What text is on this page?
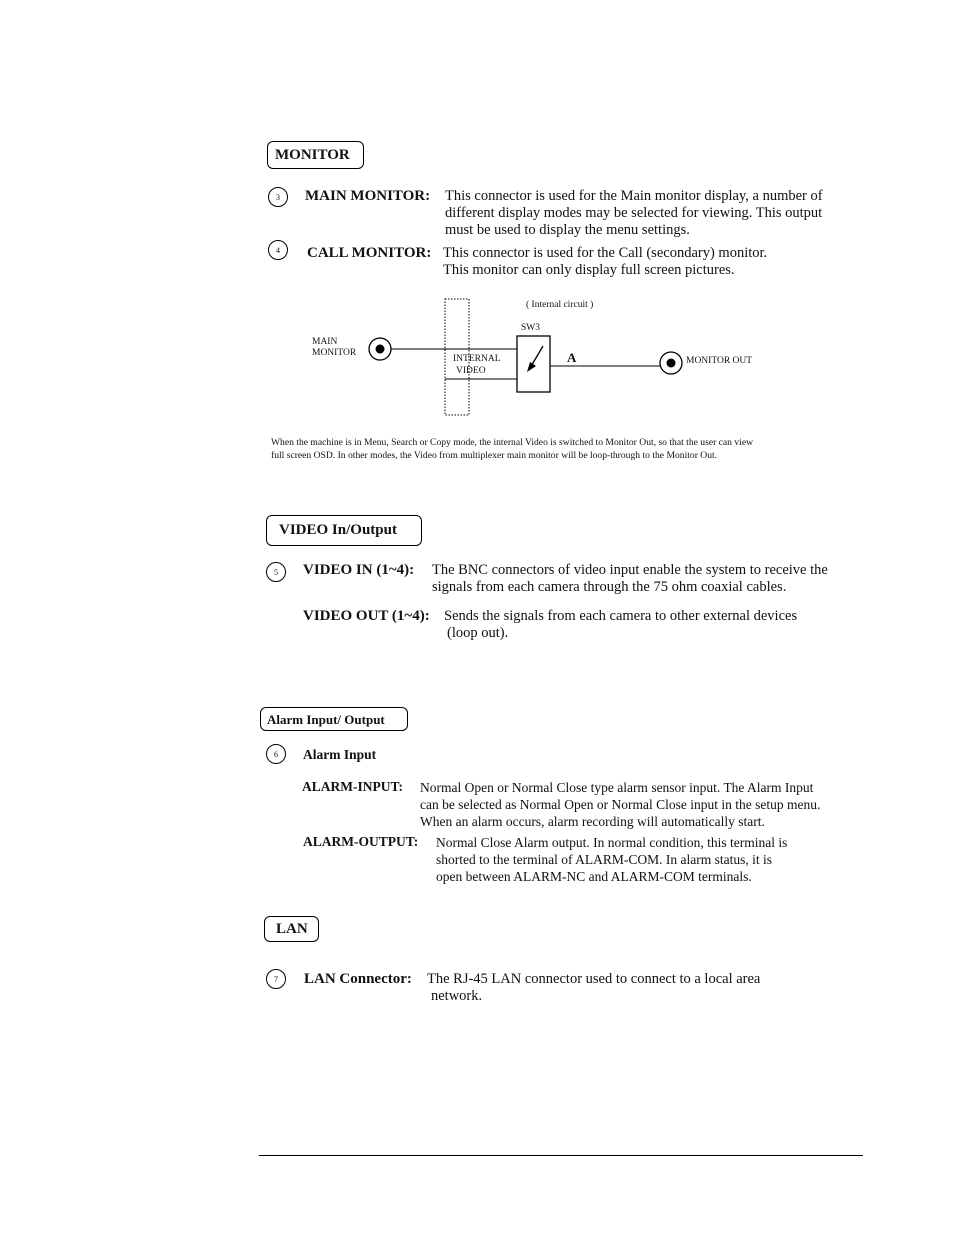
MONITOR
3	MAIN MONITOR: This connector is used for the Main monitor display, a number of
different display modes may be selected for viewing. This output
must be used to display the menu settings.
4	CALL MONITOR: This connector is used for the Call (secondary) monitor.
This monitor can only display full screen pictures.
( Internal circuit )
SW3
MAIN
MONITOR
INTERNAL
VIDEO
A	MONITOR OUT
When the machine is in Menu, Search or Copy mode, the internal Video is switched to Monitor Out, so that the user can view
full screen OSD. In other modes, the Video from multiplexer main monitor will be loop-through to the Monitor Out.
VIDEO In/Output
5	VIDEO IN (1~4): The BNC connectors of video input enable the system to receive the
signals from each camera through the 75 ohm coaxial cables.
VIDEO OUT (1~4): Sends the signals from each camera to other external devices
(loop out).
Alarm Input/ Output
6	Alarm Input
ALARM-INPUT: Normal Open or Normal Close type alarm sensor input. The Alarm Input
can be selected as Normal Open or Normal Close input in the setup menu.
When an alarm occurs, alarm recording will automatically start.
ALARM-OUTPUT: Normal Close Alarm output. In normal condition, this terminal is
shorted to the terminal of ALARM-COM. In alarm status, it is
open between ALARM-NC and ALARM-COM terminals.
LAN
7	LAN Connector: The RJ-45 LAN connector used to connect to a local area
network.
